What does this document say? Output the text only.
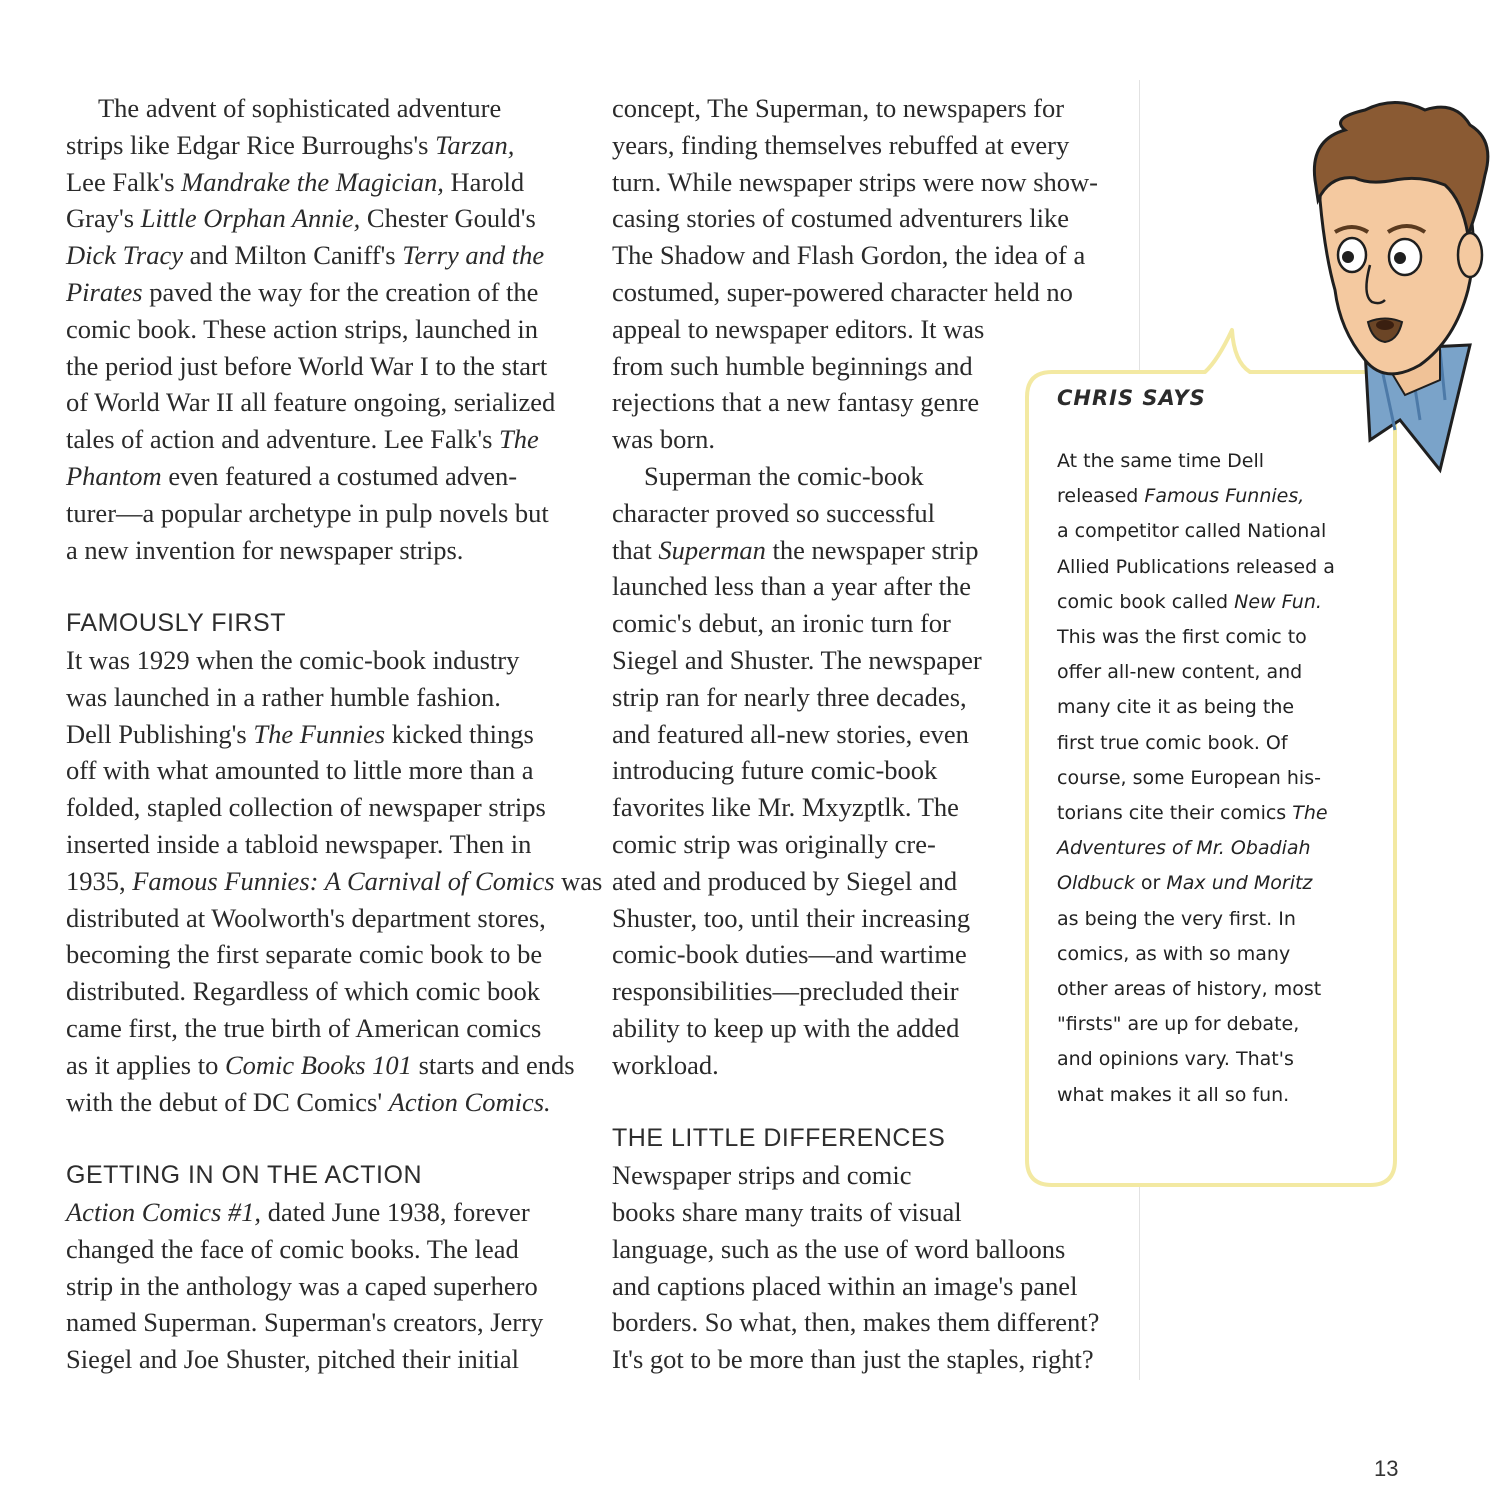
The advent of sophisticated adventure
strips like Edgar Rice Burroughs's Tarzan,
Lee Falk's Mandrake the Magician, Harold
Gray's Little Orphan Annie, Chester Gould's
Dick Tracy and Milton Caniff's Terry and the
Pirates paved the way for the creation of the
comic book. These action strips, launched in
the period just before World War I to the start
of World War II all feature ongoing, serialized
tales of action and adventure. Lee Falk's The
Phantom even featured a costumed adven-
turer—a popular archetype in pulp novels but
a new invention for newspaper strips.
FAMOUSLY FIRST
It was 1929 when the comic-book industry
was launched in a rather humble fashion.
Dell Publishing's The Funnies kicked things
off with what amounted to little more than a
folded, stapled collection of newspaper strips
inserted inside a tabloid newspaper. Then in
1935, Famous Funnies: A Carnival of Comics was
distributed at Woolworth's department stores,
becoming the first separate comic book to be
distributed. Regardless of which comic book
came first, the true birth of American comics
as it applies to Comic Books 101 starts and ends
with the debut of DC Comics' Action Comics.
GETTING IN ON THE ACTION
Action Comics #1, dated June 1938, forever
changed the face of comic books. The lead
strip in the anthology was a caped superhero
named Superman. Superman's creators, Jerry
Siegel and Joe Shuster, pitched their initial
concept, The Superman, to newspapers for
years, finding themselves rebuffed at every
turn. While newspaper strips were now show-
casing stories of costumed adventurers like
The Shadow and Flash Gordon, the idea of a
costumed, super-powered character held no
appeal to newspaper editors. It was
from such humble beginnings and
rejections that a new fantasy genre
was born.
Superman the comic-book
character proved so successful
that Superman the newspaper strip
launched less than a year after the
comic's debut, an ironic turn for
Siegel and Shuster. The newspaper
strip ran for nearly three decades,
and featured all-new stories, even
introducing future comic-book
favorites like Mr. Mxyzptlk. The
comic strip was originally cre-
ated and produced by Siegel and
Shuster, too, until their increasing
comic-book duties—and wartime
responsibilities—precluded their
ability to keep up with the added
workload.
THE LITTLE DIFFERENCES
Newspaper strips and comic
books share many traits of visual
language, such as the use of word balloons
and captions placed within an image's panel
borders. So what, then, makes them different?
It's got to be more than just the staples, right?
CHRIS SAYS
At the same time Dell
released Famous Funnies,
a competitor called National
Allied Publications released a
comic book called New Fun.
This was the first comic to
offer all-new content, and
many cite it as being the
first true comic book. Of
course, some European his-
torians cite their comics The
Adventures of Mr. Obadiah
Oldbuck or Max und Moritz
as being the very first. In
comics, as with so many
other areas of history, most
"firsts" are up for debate,
and opinions vary. That's
what makes it all so fun.
13
